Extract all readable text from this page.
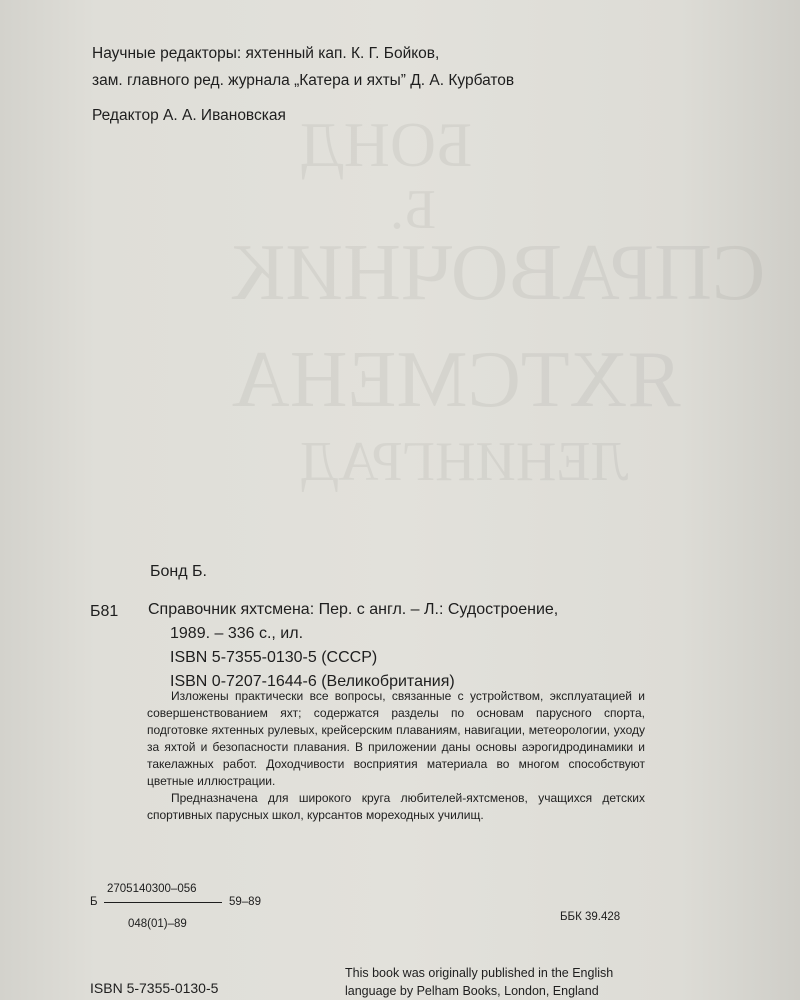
БОНД
Б.
СПРАВОЧНИК
ЯХТСМЕНА
ЛЕНИНГРАД
Научные редакторы: яхтенный кап. К. Г. Бойков,
зам. главного ред. журнала „Катера и яхты” Д. А. Курбатов
Редактор А. А. Ивановская
Бонд Б.
Б81 Справочник яхтсмена: Пер. с англ. – Л.: Судостроение,
1989. – 336 с., ил.
ISBN 5-7355-0130-5 (СССР)
ISBN 0-7207-1644-6 (Великобритания)

Изложены практически все вопросы, связанные с устройством, эксплуатацией и совершенствованием яхт; содержатся разделы по основам парусного спорта, подготовке яхтенных рулевых, крейсерским плаваниям, навигации, метеорологии, уходу за яхтой и безопасности плавания. В приложении даны основы аэрогидродинамики и такелажных работ. Доходчивости восприятия материала во многом способствуют цветные иллюстрации.

Предназначена для широкого круга любителей-яхтсменов, учащихся детских спортивных парусных школ, курсантов мореходных училищ.

Б
2705140300–056
048(01)–89
59–89
ББК 39.428
ISBN 5-7355-0130-5
This book was originally published in the English
language by Pelham Books, London, England
